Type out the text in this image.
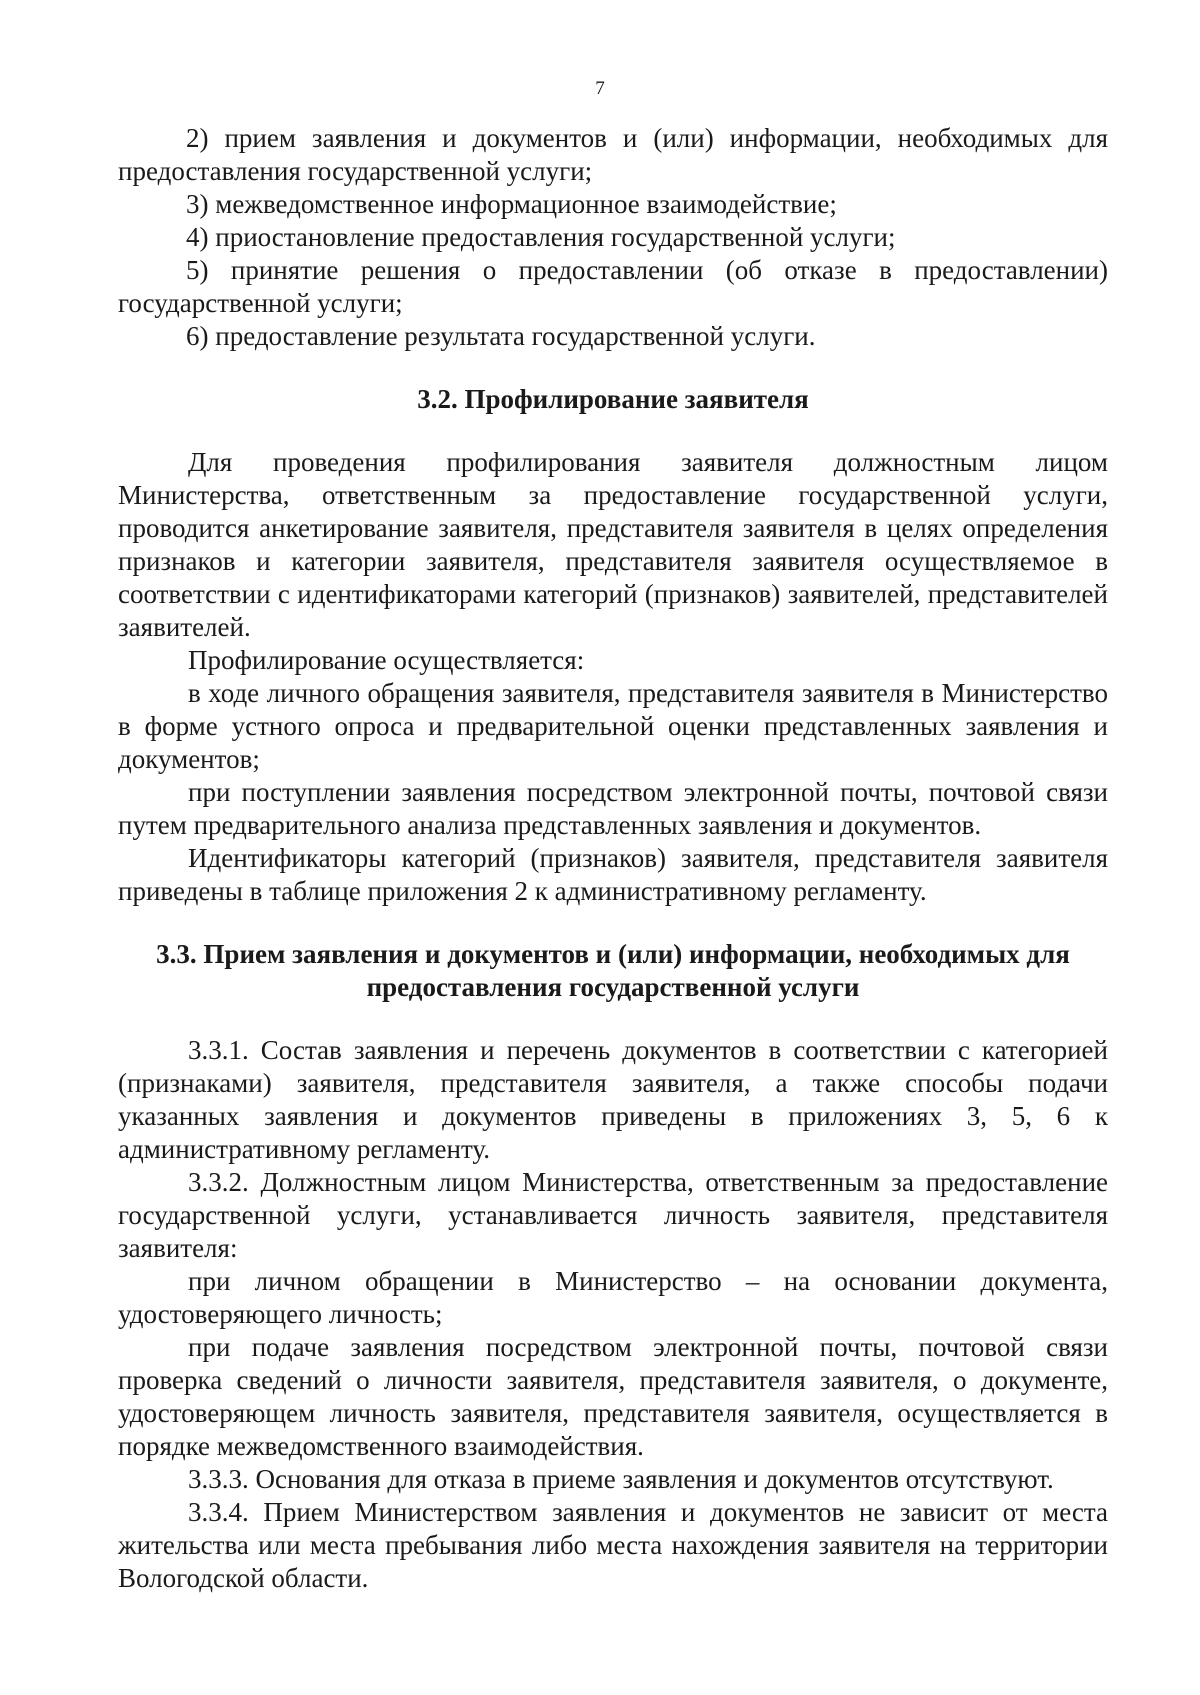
7

2) прием заявления и документов и (или) информации, необходимых для предоставления государственной услуги;

3) межведомственное информационное взаимодействие;

4) приостановление предоставления государственной услуги;

5) принятие решения о предоставлении (об отказе в предоставлении) государственной услуги;

6) предоставление результата государственной услуги.

3.2. Профилирование заявителя

Для проведения профилирования заявителя должностным лицом Министерства, ответственным за предоставление государственной услуги, проводится анкетирование заявителя, представителя заявителя в целях определения признаков и категории заявителя, представителя заявителя осуществляемое в соответствии с идентификаторами категорий (признаков) заявителей, представителей заявителей.

Профилирование осуществляется:

в ходе личного обращения заявителя, представителя заявителя в Министерство в форме устного опроса и предварительной оценки представленных заявления и документов;

при поступлении заявления посредством электронной почты, почтовой связи путем предварительного анализа представленных заявления и документов.

Идентификаторы категорий (признаков) заявителя, представителя заявителя приведены в таблице приложения 2 к административному регламенту.

3.3. Прием заявления и документов и (или) информации, необходимых для предоставления государственной услуги

3.3.1. Состав заявления и перечень документов в соответствии с категорией (признаками) заявителя, представителя заявителя, а также способы подачи указанных заявления и документов приведены в приложениях 3, 5, 6 к административному регламенту.

3.3.2. Должностным лицом Министерства, ответственным за предоставление государственной услуги, устанавливается личность заявителя, представителя заявителя:

при личном обращении в Министерство – на основании документа, удостоверяющего личность;

при подаче заявления посредством электронной почты, почтовой связи проверка сведений о личности заявителя, представителя заявителя, о документе, удостоверяющем личность заявителя, представителя заявителя, осуществляется в порядке межведомственного взаимодействия.

3.3.3. Основания для отказа в приеме заявления и документов отсутствуют.

3.3.4. Прием Министерством заявления и документов не зависит от места жительства или места пребывания либо места нахождения заявителя на территории Вологодской области.
